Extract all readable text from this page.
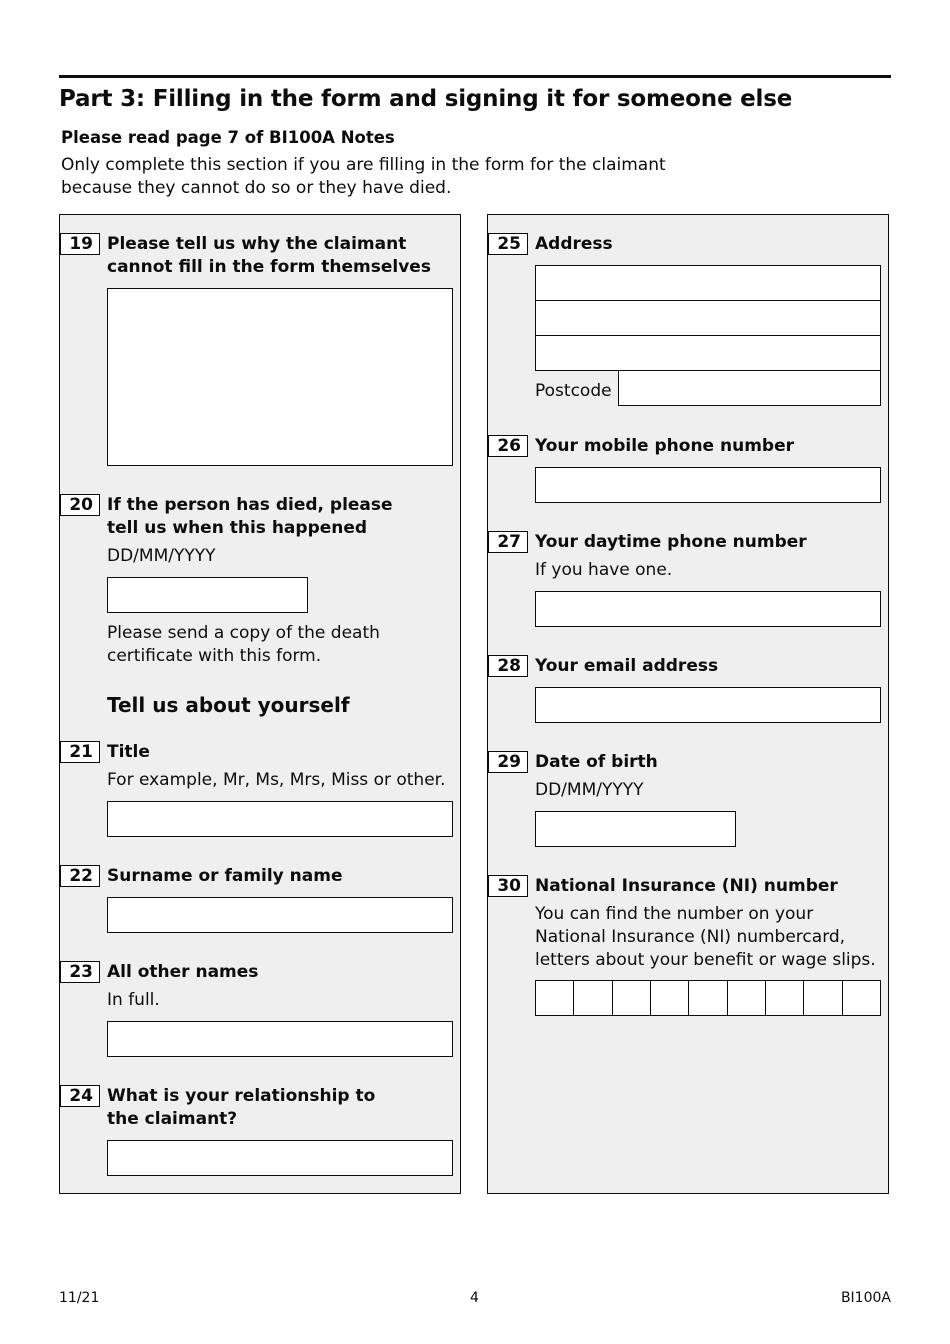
Part 3: Filling in the form and signing it for someone else
Please read page 7 of BI100A Notes
Only complete this section if you are filling in the form for the claimant
because they cannot do so or they have died.
19 Please tell us why the claimant
cannot fill in the form themselves
20 If the person has died, please
tell us when this happened
DD/MM/YYYY
Please send a copy of the death
certificate with this form.
Tell us about yourself
21 Title
For example, Mr, Ms, Mrs, Miss or other.
22 Surname or family name
23 All other names
In full.
24 What is your relationship to
the claimant?
25 Address
Postcode
26 Your mobile phone number
27 Your daytime phone number
If you have one.
28 Your email address
29 Date of birth
DD/MM/YYYY
30 National Insurance (NI) number
You can find the number on your
National Insurance (NI) numbercard,
letters about your benefit or wage slips.
11/21	4	BI100A
